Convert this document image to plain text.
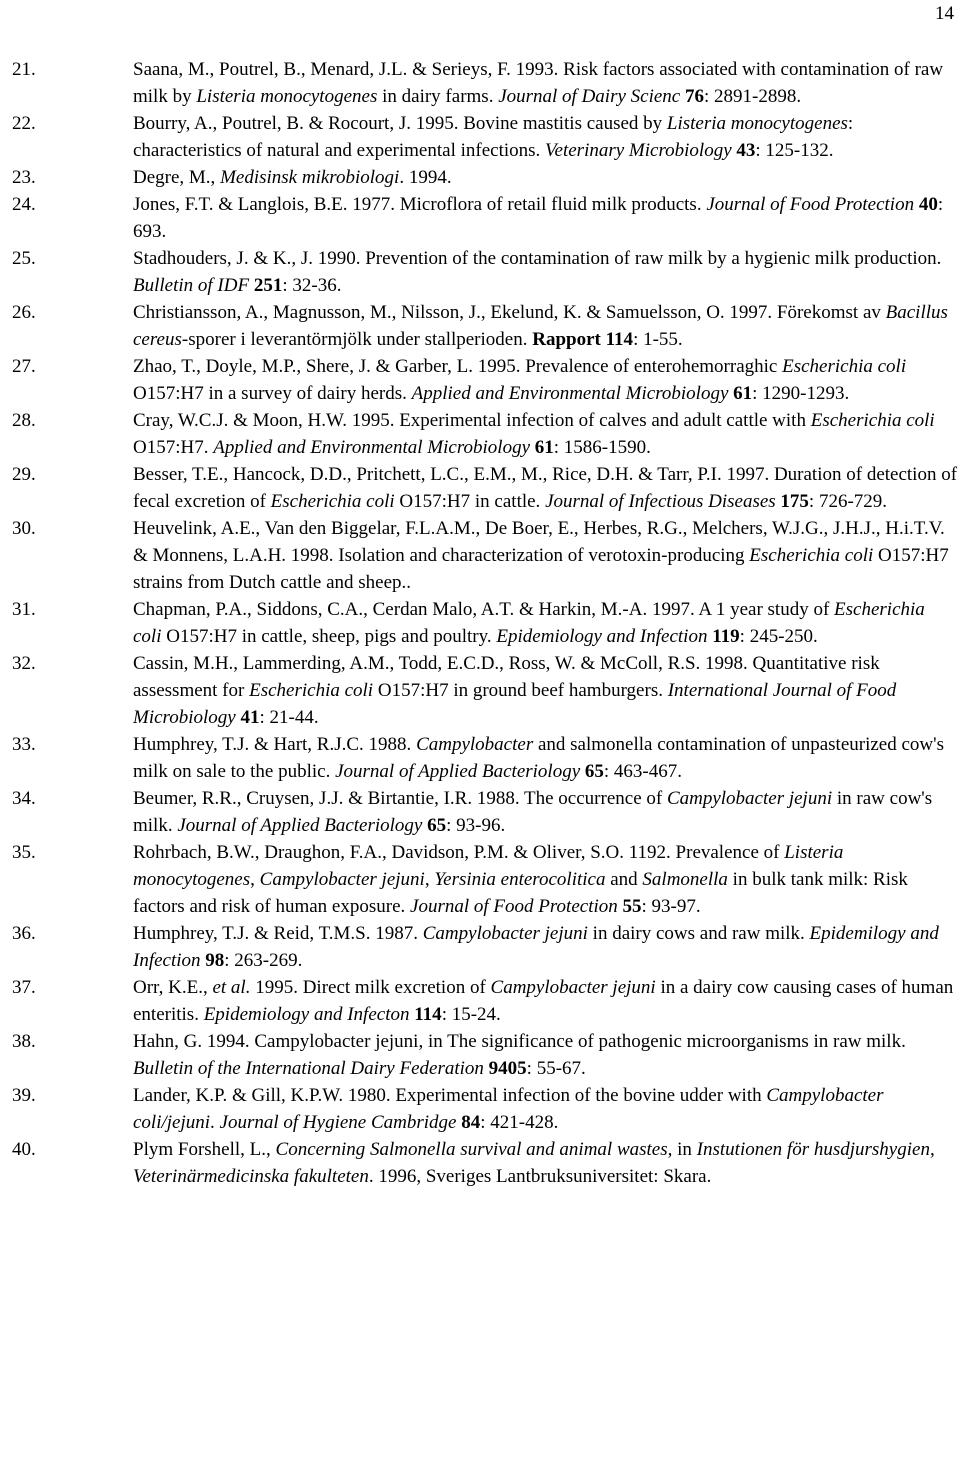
14
21.	Saana, M., Poutrel, B., Menard, J.L. & Serieys, F. 1993. Risk factors associated with contamination of raw milk by Listeria monocytogenes in dairy farms. Journal of Dairy Scienc 76: 2891-2898.
22.	Bourry, A., Poutrel, B. & Rocourt, J. 1995. Bovine mastitis caused by Listeria monocytogenes: characteristics of natural and experimental infections. Veterinary Microbiology 43: 125-132.
23.	Degre, M., Medisinsk mikrobiologi. 1994.
24.	Jones, F.T. & Langlois, B.E. 1977. Microflora of retail fluid milk products. Journal of Food Protection 40: 693.
25.	Stadhouders, J. & K., J. 1990. Prevention of the contamination of raw milk by a hygienic milk production. Bulletin of IDF 251: 32-36.
26.	Christiansson, A., Magnusson, M., Nilsson, J., Ekelund, K. & Samuelsson, O. 1997. Förekomst av Bacillus cereus-sporer i leverantörmjölk under stallperioden. Rapport 114: 1-55.
27.	Zhao, T., Doyle, M.P., Shere, J. & Garber, L. 1995. Prevalence of enterohemorraghic Escherichia coli O157:H7 in a survey of dairy herds. Applied and Environmental Microbiology 61: 1290-1293.
28.	Cray, W.C.J. & Moon, H.W. 1995. Experimental infection of calves and adult cattle with Escherichia coli O157:H7. Applied and Environmental Microbiology 61: 1586-1590.
29.	Besser, T.E., Hancock, D.D., Pritchett, L.C., E.M., M., Rice, D.H. & Tarr, P.I. 1997. Duration of detection of fecal excretion of Escherichia coli O157:H7 in cattle. Journal of Infectious Diseases 175: 726-729.
30.	Heuvelink, A.E., Van den Biggelar, F.L.A.M., De Boer, E., Herbes, R.G., Melchers, W.J.G., J.H.J., H.i.T.V. & Monnens, L.A.H. 1998. Isolation and characterization of verotoxin-producing Escherichia coli O157:H7 strains from Dutch cattle and sheep..
31.	Chapman, P.A., Siddons, C.A., Cerdan Malo, A.T. & Harkin, M.-A. 1997. A 1 year study of Escherichia coli O157:H7 in cattle, sheep, pigs and poultry. Epidemiology and Infection 119: 245-250.
32.	Cassin, M.H., Lammerding, A.M., Todd, E.C.D., Ross, W. & McColl, R.S. 1998. Quantitative risk assessment for Escherichia coli O157:H7 in ground beef hamburgers. International Journal of Food Microbiology 41: 21-44.
33.	Humphrey, T.J. & Hart, R.J.C. 1988. Campylobacter and salmonella contamination of unpasteurized cow's milk on sale to the public. Journal of Applied Bacteriology 65: 463-467.
34.	Beumer, R.R., Cruysen, J.J. & Birtantie, I.R. 1988. The occurrence of Campylobacter jejuni in raw cow's milk. Journal of Applied Bacteriology 65: 93-96.
35.	Rohrbach, B.W., Draughon, F.A., Davidson, P.M. & Oliver, S.O. 1192. Prevalence of Listeria monocytogenes, Campylobacter jejuni, Yersinia enterocolitica and Salmonella in bulk tank milk: Risk factors and risk of human exposure. Journal of Food Protection 55: 93-97.
36.	Humphrey, T.J. & Reid, T.M.S. 1987. Campylobacter jejuni in dairy cows and raw milk. Epidemilogy and Infection 98: 263-269.
37.	Orr, K.E., et al. 1995. Direct milk excretion of Campylobacter jejuni in a dairy cow causing cases of human enteritis. Epidemiology and Infecton 114: 15-24.
38.	Hahn, G. 1994. Campylobacter jejuni, in The significance of pathogenic microorganisms in raw milk. Bulletin of the International Dairy Federation 9405: 55-67.
39.	Lander, K.P. & Gill, K.P.W. 1980. Experimental infection of the bovine udder with Campylobacter coli/jejuni. Journal of Hygiene Cambridge 84: 421-428.
40.	Plym Forshell, L., Concerning Salmonella survival and animal wastes, in Instutionen för husdjurshygien, Veterinärmedicinska fakulteten. 1996, Sveriges Lantbruksuniversitet: Skara.
